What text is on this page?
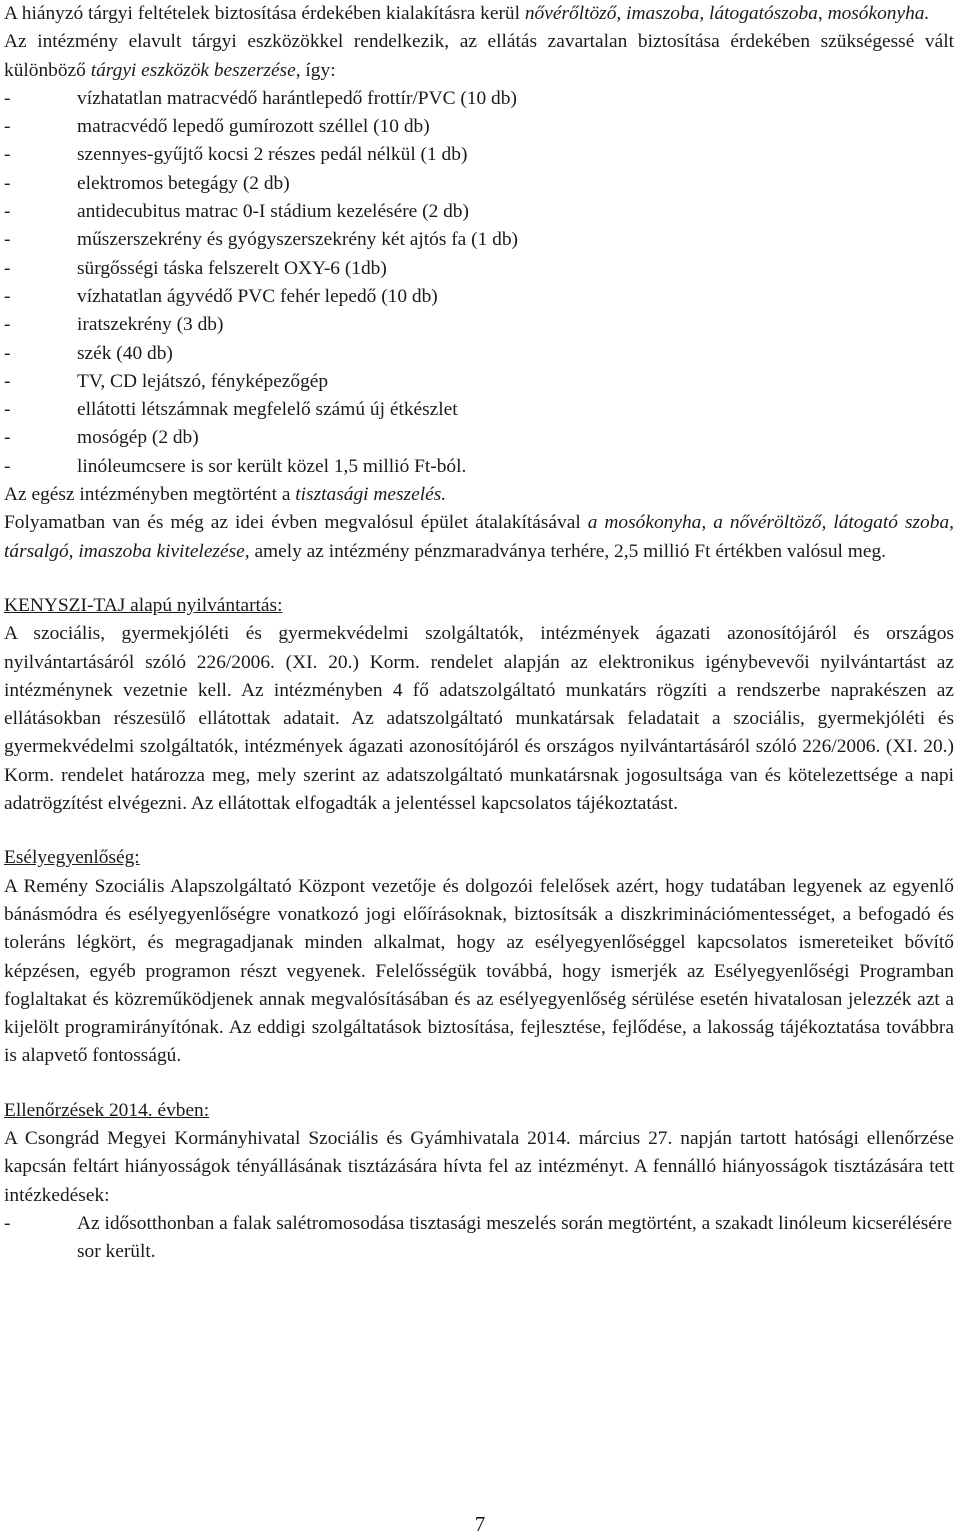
A hiányzó tárgyi feltételek biztosítása érdekében kialakításra kerül nővérőltöző, imaszoba, látogatószoba, mosókonyha.

Az intézmény elavult tárgyi eszközökkel rendelkezik, az ellátás zavartalan biztosítása érdekében szükségessé vált különböző tárgyi eszközök beszerzése, így:

-	vízhatatlan matracvédő harántlepedő frottír/PVC (10 db)
-	matracvédő lepedő gumírozott széllel (10 db)
-	szennyes-gyűjtő kocsi 2 részes pedál nélkül (1 db)
-	elektromos betegágy (2 db)
-	antidecubitus matrac 0-I stádium kezelésére (2 db)
-	műszerszekrény és gyógyszerszekrény két ajtós fa (1 db)
-	sürgősségi táska felszerelt OXY-6 (1db)
-	vízhatatlan ágyvédő PVC fehér lepedő (10 db)
-	iratszekrény (3 db)
-	szék (40 db)
-	TV, CD lejátszó, fényképezőgép
-	ellátotti létszámnak megfelelő számú új étkészlet
-	mosógép (2 db)
-	linóleumcsere is sor került közel 1,5 millió Ft-ból.

Az egész intézményben megtörtént a tisztasági meszelés.

Folyamatban van és még az idei évben megvalósul épület átalakításával a mosókonyha, a nővéröltöző, látogató szoba, társalgó, imaszoba kivitelezése, amely az intézmény pénzmaradványa terhére, 2,5 millió Ft értékben valósul meg.

KENYSZI-TAJ alapú nyilvántartás:

A szociális, gyermekjóléti és gyermekvédelmi szolgáltatók, intézmények ágazati azonosítójáról és országos nyilvántartásáról szóló 226/2006. (XI. 20.) Korm. rendelet alapján az elektronikus igénybevevői nyilvántartást az intézménynek vezetnie kell. Az intézményben 4 fő adatszolgáltató munkatárs rögzíti a rendszerbe naprakészen az ellátásokban részesülő ellátottak adatait. Az adatszolgáltató munkatársak feladatait a szociális, gyermekjóléti és gyermekvédelmi szolgáltatók, intézmények ágazati azonosítójáról és országos nyilvántartásáról szóló 226/2006. (XI. 20.) Korm. rendelet határozza meg, mely szerint az adatszolgáltató munkatársnak jogosultsága van és kötelezettsége a napi adatrögzítést elvégezni. Az ellátottak elfogadták a jelentéssel kapcsolatos tájékoztatást.

Esélyegyenlőség:

A Remény Szociális Alapszolgáltató Központ vezetője és dolgozói felelősek azért, hogy tudatában legyenek az egyenlő bánásmódra és esélyegyenlőségre vonatkozó jogi előírásoknak, biztosítsák a diszkriminációmentességet, a befogadó és toleráns légkört, és megragadjanak minden alkalmat, hogy az esélyegyenlőséggel kapcsolatos ismereteiket bővítő képzésen, egyéb programon részt vegyenek. Felelősségük továbbá, hogy ismerjék az Esélyegyenlőségi Programban foglaltakat és közreműködjenek annak megvalósításában és az esélyegyenlőség sérülése esetén hivatalosan jelezzék azt a kijelölt programirányítónak. Az eddigi szolgáltatások biztosítása, fejlesztése, fejlődése, a lakosság tájékoztatása továbbra is alapvető fontosságú.

Ellenőrzések 2014. évben:

A Csongrád Megyei Kormányhivatal Szociális és Gyámhivatala 2014. március 27. napján tartott hatósági ellenőrzése kapcsán feltárt hiányosságok tényállásának tisztázására hívta fel az intézményt. A fennálló hiányosságok tisztázására tett intézkedések:

-	Az idősotthonban a falak salétromosodása tisztasági meszelés során megtörtént, a szakadt linóleum kicserélésére sor került.
7
